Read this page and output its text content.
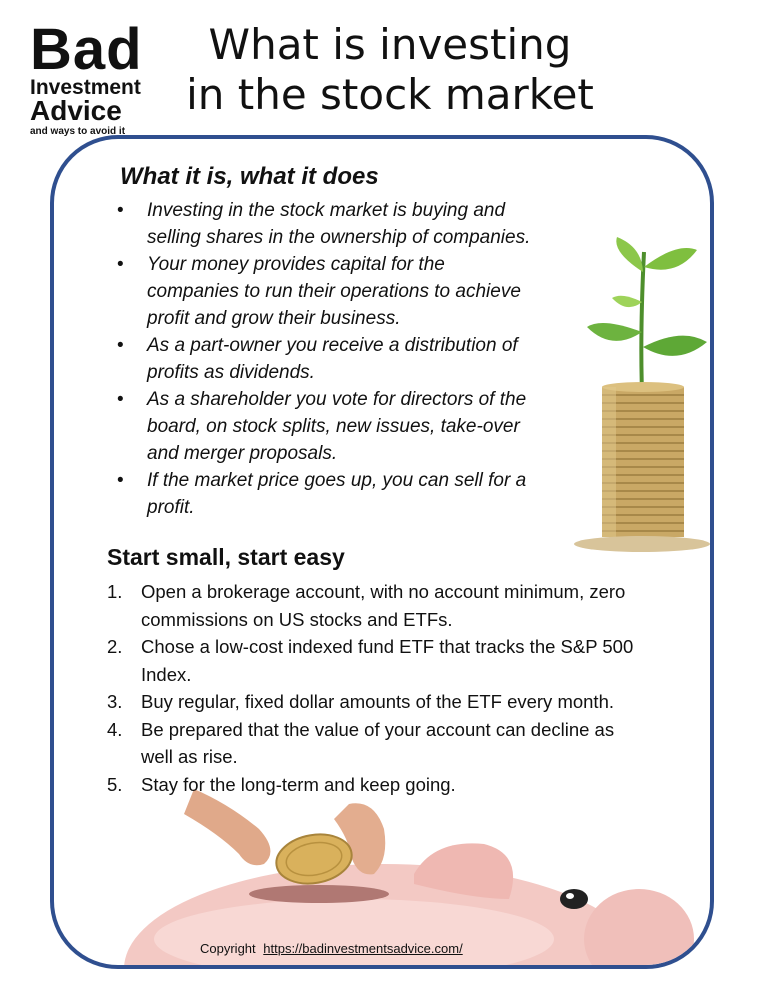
Bad
Investment
Advice
and ways to avoid it
What is investing
in the stock market
What it is, what it does
• Investing in the stock market is buying and
selling shares in the ownership of companies.
• Your money provides capital for the
companies to run their operations to achieve
profit and grow their business.
• As a part-owner you receive a distribution of
profits as dividends.
• As a shareholder you vote for directors of the
board, on stock splits, new issues, take-over
and merger proposals.
• If the market price goes up, you can sell for a
profit.
Start small, start easy
1. Open a brokerage account, with no account minimum, zero
commissions on US stocks and ETFs.
2. Chose a low-cost indexed fund ETF that tracks the S&P 500
Index.
3. Buy regular, fixed dollar amounts of the ETF every month.
4. Be prepared that the value of your account can decline as
well as rise.
5. Stay for the long-term and keep going.
Copyright https://badinvestmentsadvice.com/
